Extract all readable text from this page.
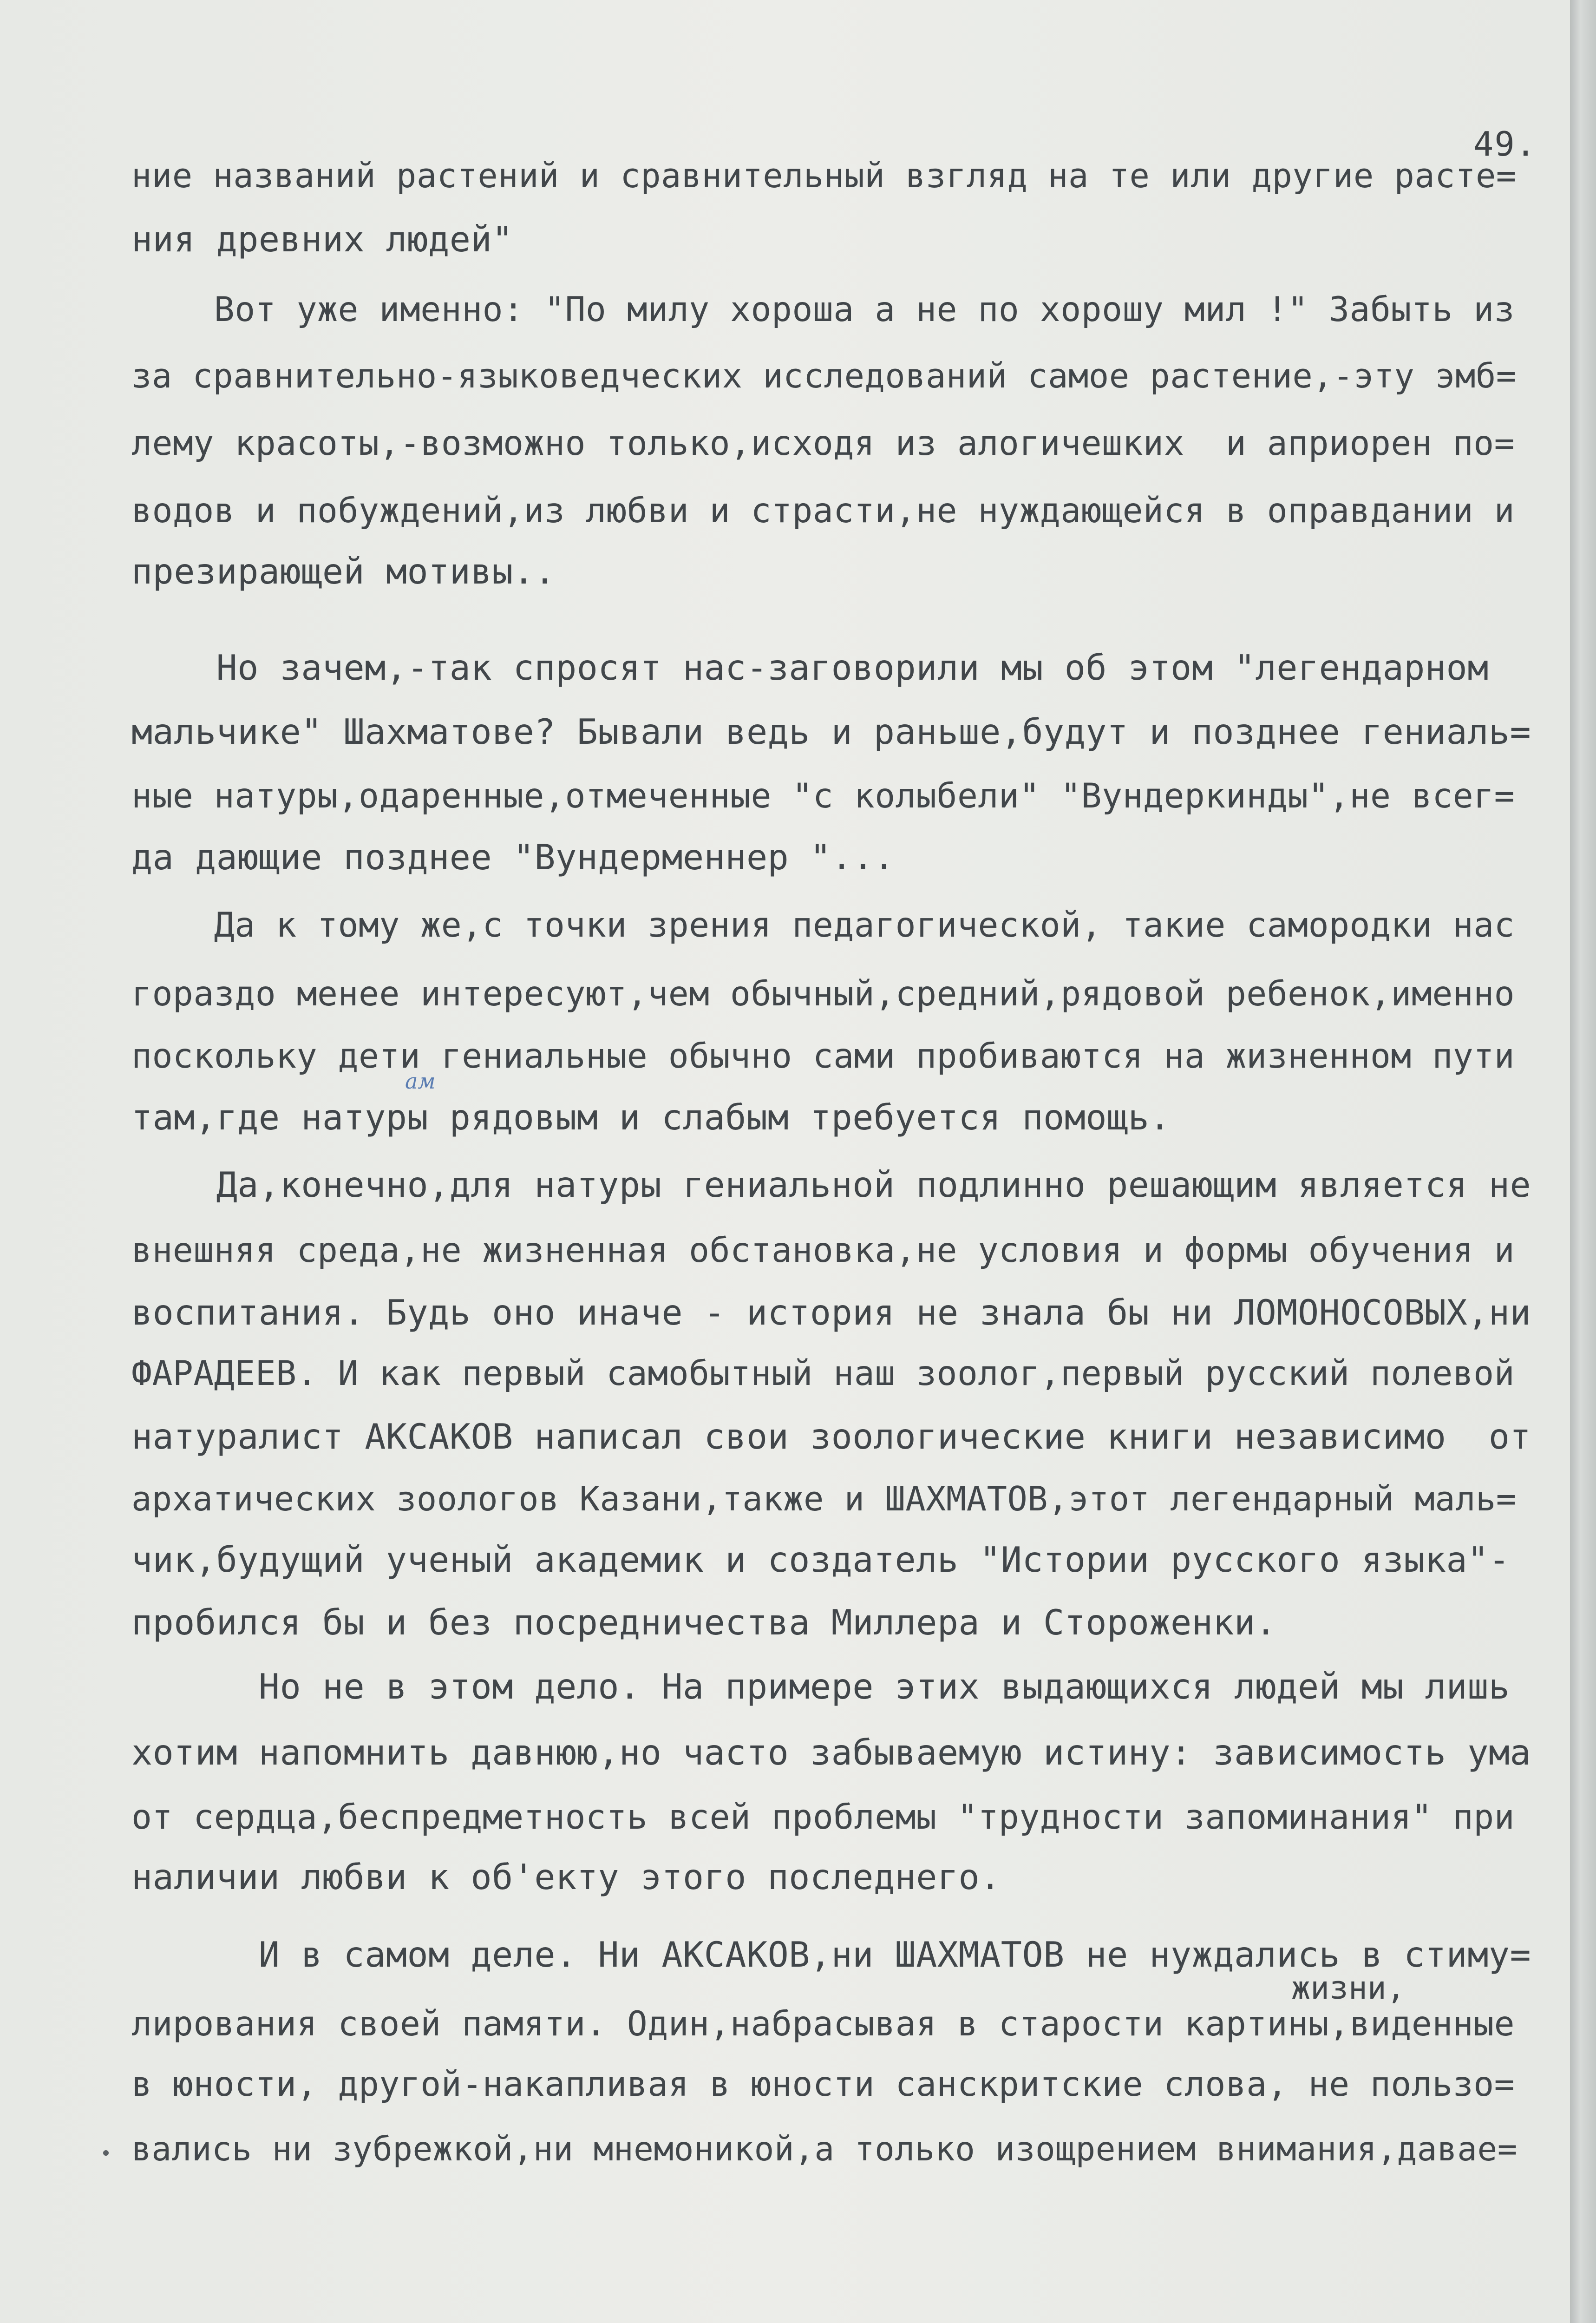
49.
ние названий растений и сравнительный взгляд на те или другие расте=
ния древних людей"
Вот уже именно: "По милу хороша а не по хорошу мил !" Забыть из
за сравнительно-языковедческих исследований самое растение,-эту эмб=
лему красоты,-возможно только,исходя из алогичешких  и априорен по=
водов и побуждений,из любви и страсти,не нуждающейся в оправдании и
презирающей мотивы..
Но зачем,-так спросят нас-заговорили мы об этом "легендарном
мальчике" Шахматове? Бывали ведь и раньше,будут и позднее гениаль=
ные натуры,одаренные,отмеченные "с колыбели" "Вундеркинды",не всег=
да дающие позднее "Вундерменнер "...
Да к тому же,с точки зрения педагогической, такие самородки нас
гораздо менее интересуют,чем обычный,средний,рядовой ребенок,именно
поскольку дети гениальные обычно сами пробиваются на жизненном пути
там,где натуры рядовым и слабым требуется помощь.
Да,конечно,для натуры гениальной подлинно решающим является не
внешняя среда,не жизненная обстановка,не условия и формы обучения и
воспитания. Будь оно иначе - история не знала бы ни ЛОМОНОСОВЫХ,ни
ФАРАДЕЕВ. И как первый самобытный наш зоолог,первый русский полевой
натуралист АКСАКОВ написал свои зоологические книги независимо  от
архатических зоологов Казани,также и ШАХМАТОВ,этот легендарный маль=
чик,будущий ученый академик и создатель "Истории русского языка"-
пробился бы и без посредничества Миллера и Стороженки.
Но не в этом дело. На примере этих выдающихся людей мы лишь
хотим напомнить давнюю,но часто забываемую истину: зависимость ума
от сердца,беспредметность всей проблемы "трудности запоминания" при
наличии любви к об'екту этого последнего.
И в самом деле. Ни АКСАКОВ,ни ШАХМАТОВ не нуждались в стиму=
лирования своей памяти. Один,набрасывая в старости картины,виденные
в юности, другой-накапливая в юности санскритские слова, не пользо=
вались ни зубрежкой,ни мнемоникой,а только изощрением внимания,давае=
ам
жизни,
